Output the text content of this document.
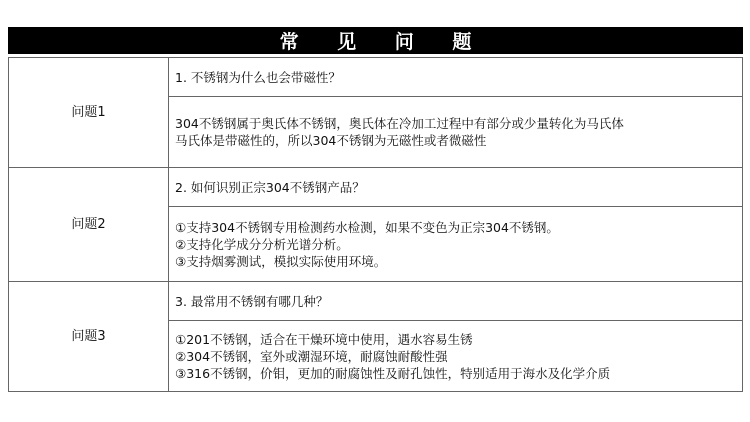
常 见 问 题
问题1	1. 不锈钢为什么也会带磁性？

	304不锈钢属于奥氏体不锈钢，奥氏体在冷加工过程中有部分或少量转化为马氏体
马氏体是带磁性的，所以304不锈钢为无磁性或者微磁性

问题2	2. 如何识别正宗304不锈钢产品？

	①支持304不锈钢专用检测药水检测，如果不变色为正宗304不锈钢。
②支持化学成分分析光谱分析。
③支持烟雾测试，模拟实际使用环境。

问题3	3. 最常用不锈钢有哪几种？

	①201不锈钢，适合在干燥环境中使用，遇水容易生锈
②304不锈钢，室外或潮湿环境，耐腐蚀耐酸性强
③316不锈钢，价钼，更加的耐腐蚀性及耐孔蚀性，特别适用于海水及化学介质
